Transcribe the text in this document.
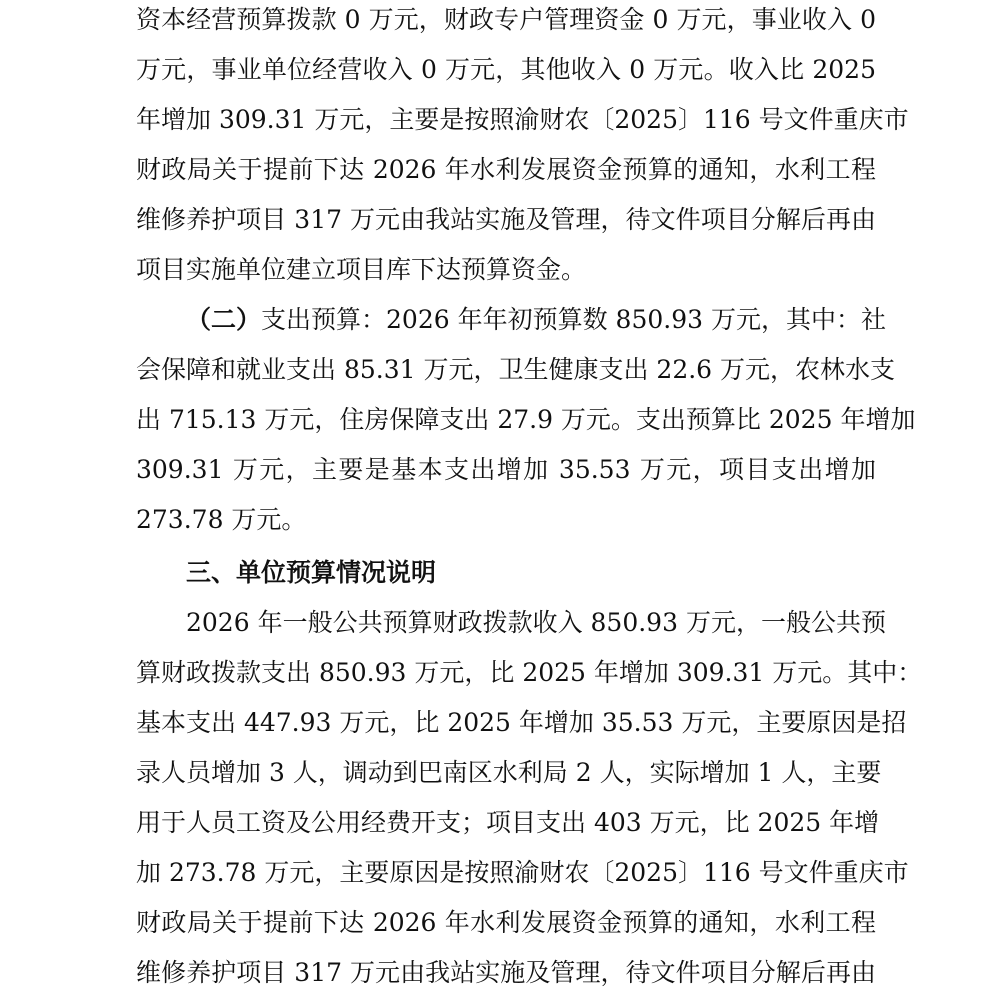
资本经营预算拨款 0 万元，财政专户管理资金 0 万元，事业收入 0
万元，事业单位经营收入 0 万元，其他收入 0 万元。收入比 2025
年增加 309.31 万元，主要是按照渝财农〔2025〕116 号文件重庆市
财政局关于提前下达 2026 年水利发展资金预算的通知，水利工程
维修养护项目 317 万元由我站实施及管理，待文件项目分解后再由
项目实施单位建立项目库下达预算资金。
（二）支出预算：2026 年年初预算数 850.93 万元，其中：社
会保障和就业支出 85.31 万元，卫生健康支出 22.6 万元，农林水支
出 715.13 万元，住房保障支出 27.9 万元。支出预算比 2025 年增加
309.31 万元，主要是基本支出增加 35.53 万元，项目支出增加
273.78 万元。
三、单位预算情况说明
2026 年一般公共预算财政拨款收入 850.93 万元，一般公共预
算财政拨款支出 850.93 万元，比 2025 年增加 309.31 万元。其中：
基本支出 447.93 万元，比 2025 年增加 35.53 万元，主要原因是招
录人员增加 3 人，调动到巴南区水利局 2 人，实际增加 1 人，主要
用于人员工资及公用经费开支；项目支出 403 万元，比 2025 年增
加 273.78 万元，主要原因是按照渝财农〔2025〕116 号文件重庆市
财政局关于提前下达 2026 年水利发展资金预算的通知，水利工程
维修养护项目 317 万元由我站实施及管理，待文件项目分解后再由
